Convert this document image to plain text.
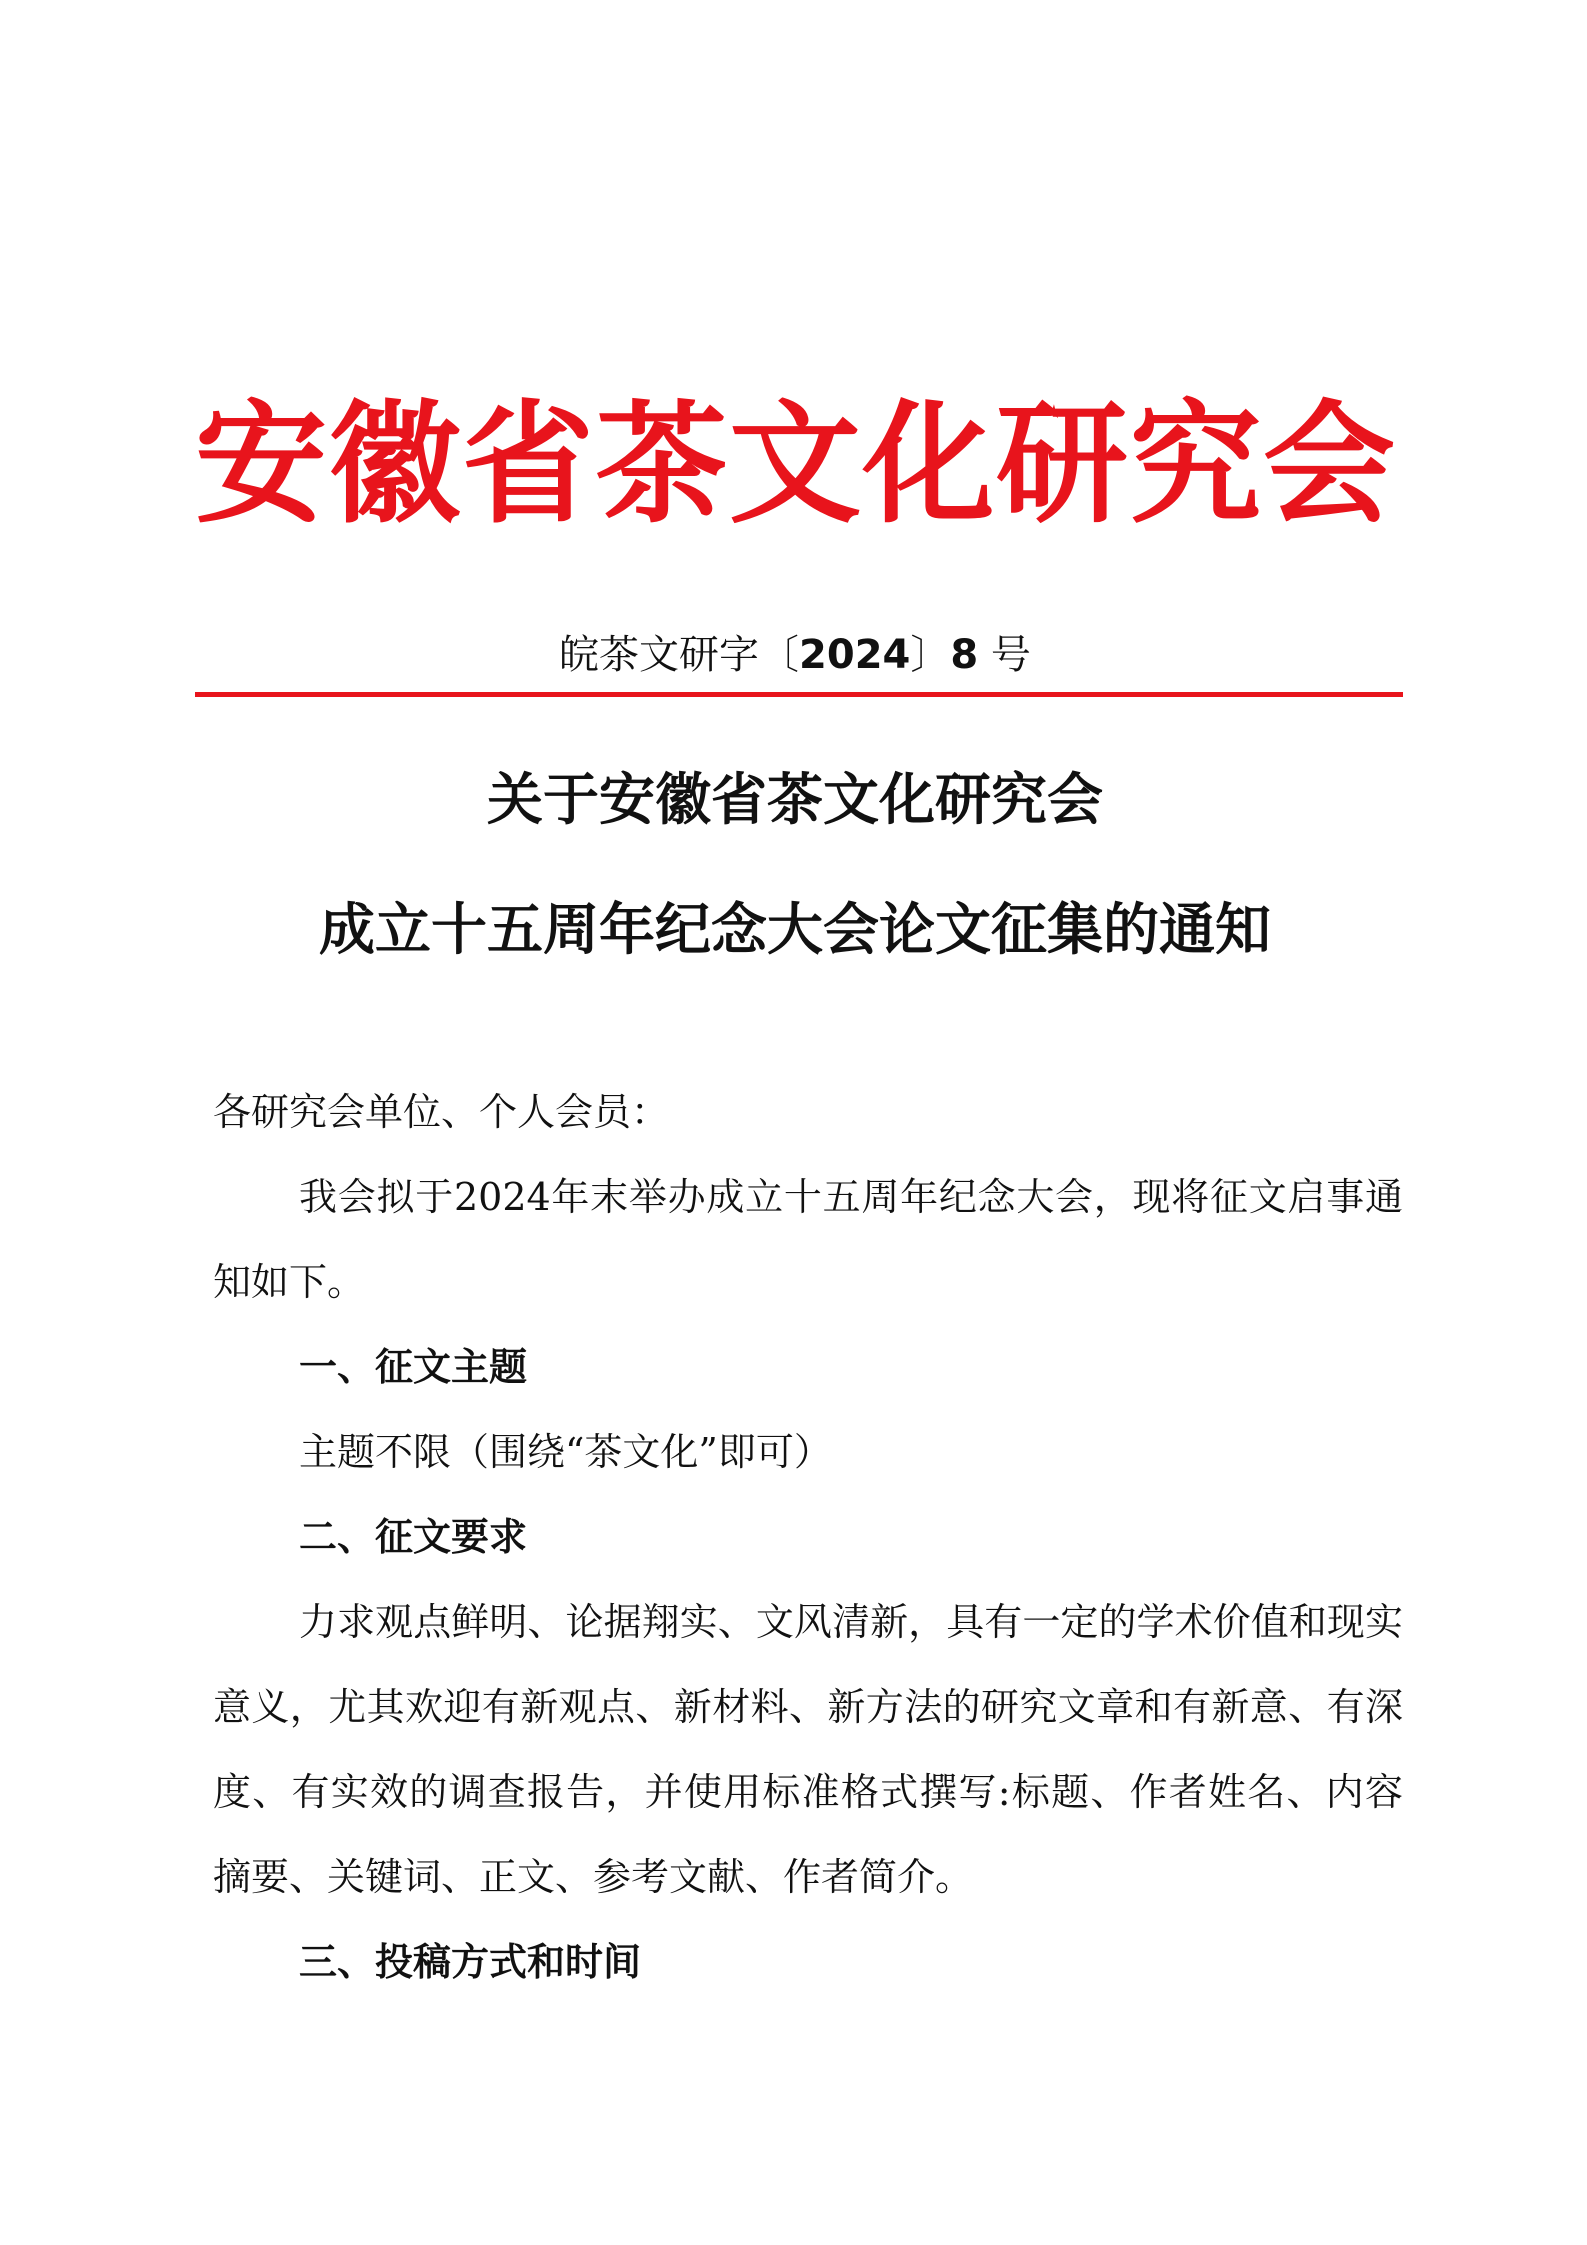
安 徽 省 茶 文 化 研 究 会
皖茶文研字〔2024〕8 号
关于安徽省茶文化研究会
成立十五周年纪念大会论文征集的通知

各研究会单位、个人会员：

我会拟于2024年末举办成立十五周年纪念大会，现将征文启事通知如下。

一、征文主题

主题不限（围绕“茶文化”即可）

二、征文要求

力求观点鲜明、论据翔实、文风清新，具有一定的学术价值和现实意义，尤其欢迎有新观点、新材料、新方法的研究文章和有新意、有深度、有实效的调查报告，并使用标准格式撰写:标题、作者姓名、内容摘要、关键词、正文、参考文献、作者简介。

三、投稿方式和时间
